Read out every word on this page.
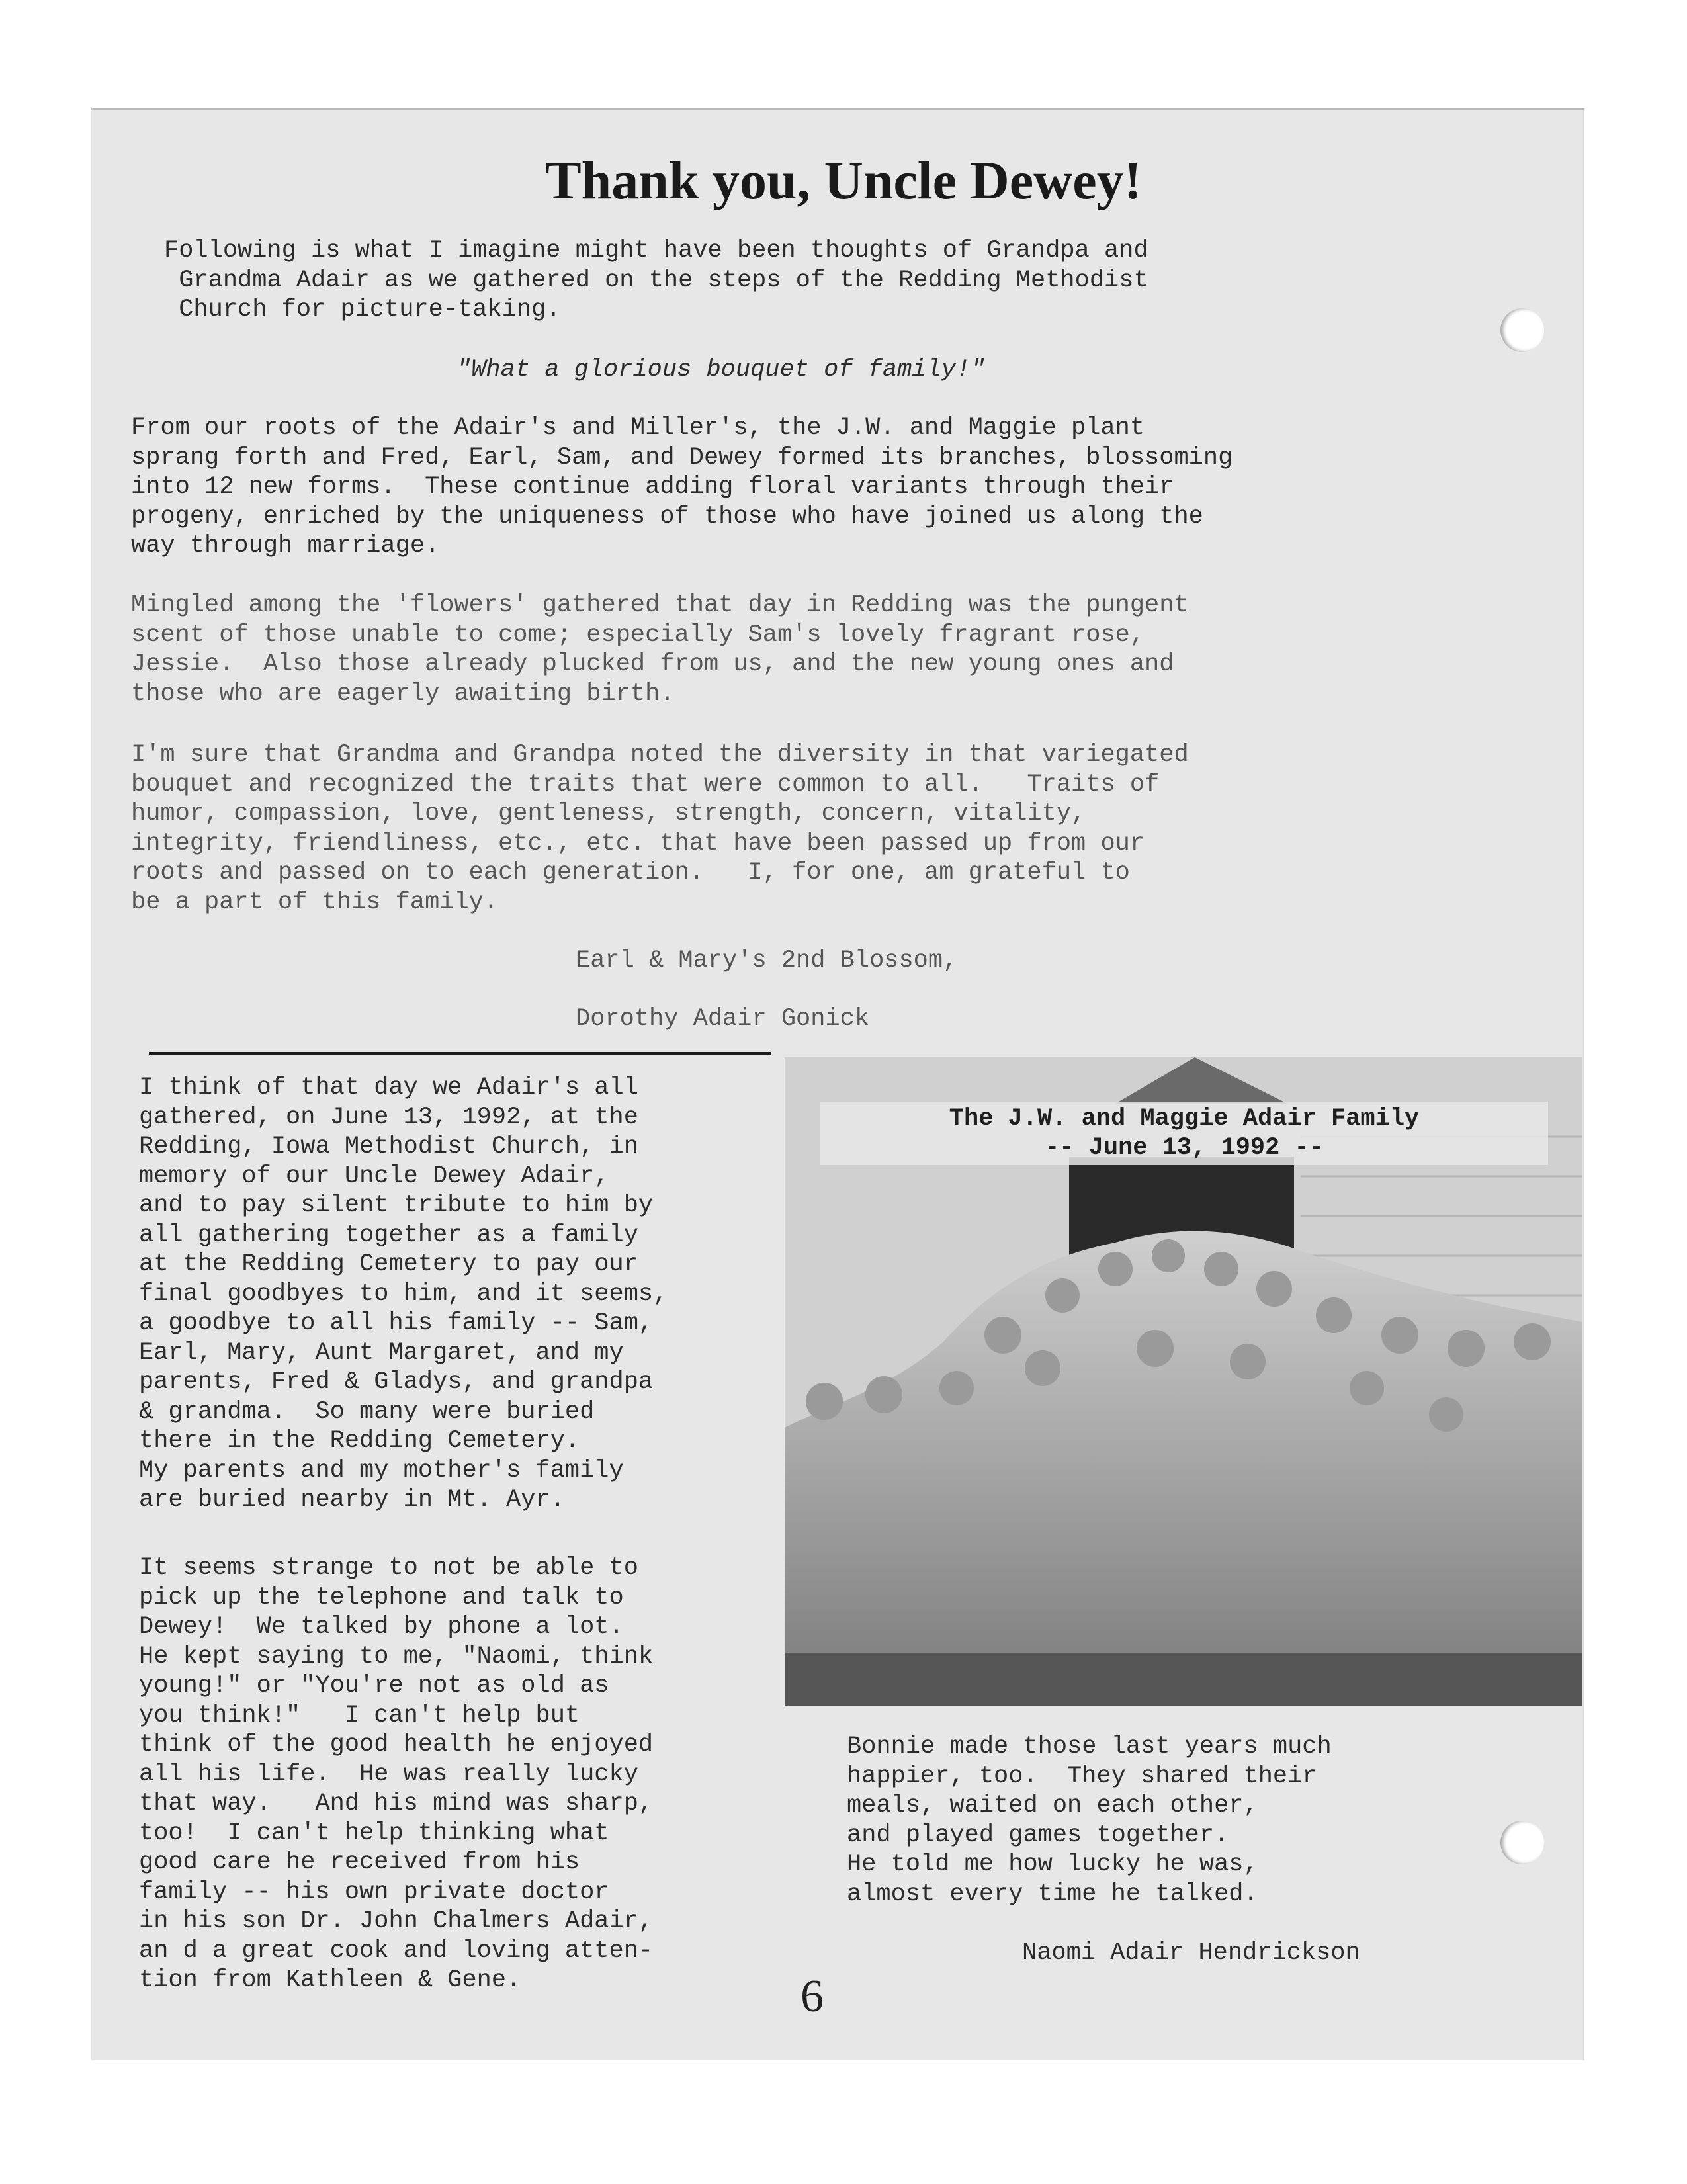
Thank you, Uncle Dewey!

Following is what I imagine might have been thoughts of Grandpa and
Grandma Adair as we gathered on the steps of the Redding Methodist
Church for picture-taking.

"What a glorious bouquet of family!"

From our roots of the Adair's and Miller's, the J.W. and Maggie plant
sprang forth and Fred, Earl, Sam, and Dewey formed its branches, blossoming
into 12 new forms.  These continue adding floral variants through their
progeny, enriched by the uniqueness of those who have joined us along the
way through marriage.

Mingled among the 'flowers' gathered that day in Redding was the pungent
scent of those unable to come; especially Sam's lovely fragrant rose,
Jessie.  Also those already plucked from us, and the new young ones and
those who are eagerly awaiting birth.

I'm sure that Grandma and Grandpa noted the diversity in that variegated
bouquet and recognized the traits that were common to all.   Traits of
humor, compassion, love, gentleness, strength, concern, vitality,
integrity, friendliness, etc., etc. that have been passed up from our
roots and passed on to each generation.   I, for one, am grateful to
be a part of this family.

Earl & Mary's 2nd Blossom,

Dorothy Adair Gonick

I think of that day we Adair's all
gathered, on June 13, 1992, at the
Redding, Iowa Methodist Church, in
memory of our Uncle Dewey Adair,
and to pay silent tribute to him by
all gathering together as a family
at the Redding Cemetery to pay our
final goodbyes to him, and it seems,
a goodbye to all his family -- Sam,
Earl, Mary, Aunt Margaret, and my
parents, Fred & Gladys, and grandpa
& grandma.  So many were buried
there in the Redding Cemetery.
My parents and my mother's family
are buried nearby in Mt. Ayr.

It seems strange to not be able to
pick up the telephone and talk to
Dewey!  We talked by phone a lot.
He kept saying to me, "Naomi, think
young!" or "You're not as old as
you think!"   I can't help but
think of the good health he enjoyed
all his life.  He was really lucky
that way.   And his mind was sharp,
too!  I can't help thinking what
good care he received from his
family -- his own private doctor
in his son Dr. John Chalmers Adair,
an d a great cook and loving atten-
tion from Kathleen & Gene.

The J.W. and Maggie Adair Family
-- June 13, 1992 --

Bonnie made those last years much
happier, too.  They shared their
meals, waited on each other,
and played games together.
He told me how lucky he was,
almost every time he talked.

Naomi Adair Hendrickson

6
